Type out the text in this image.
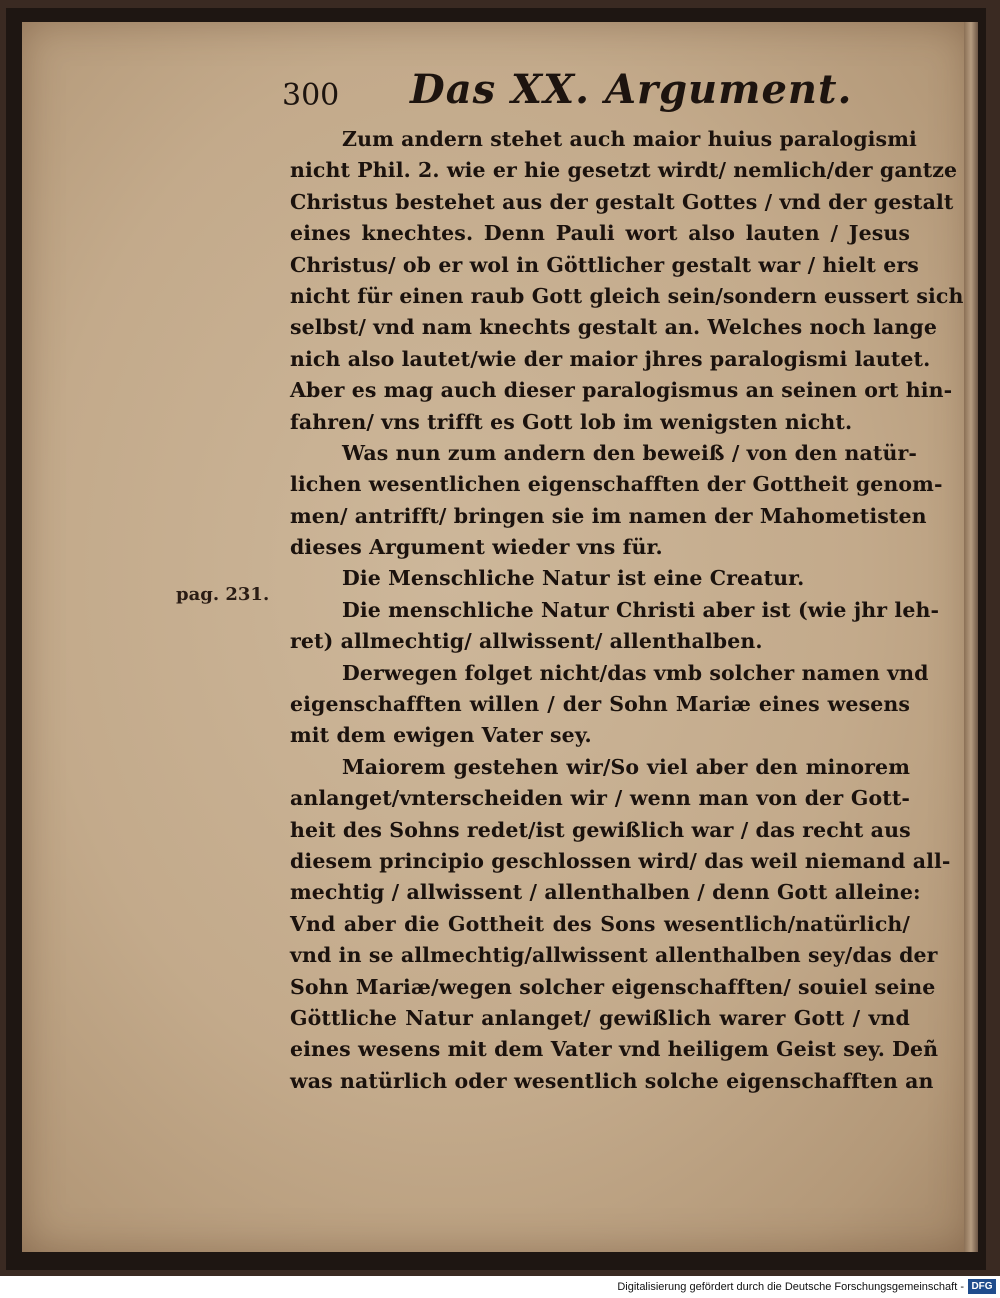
300 Das XX. Argument.
pag. 231.
Zum andern stehet auch maior huius paralogismi
nicht Phil. 2. wie er hie gesetzt wirdt/ nemlich/der gantze
Christus bestehet aus der gestalt Gottes / vnd der gestalt
eines knechtes. Denn Pauli wort also lauten / Jesus
Christus/ ob er wol in Göttlicher gestalt war / hielt ers
nicht für einen raub Gott gleich sein/sondern eussert sich
selbst/ vnd nam knechts gestalt an. Welches noch lange
nich also lautet/wie der maior jhres paralogismi lautet.
Aber es mag auch dieser paralogismus an seinen ort hin-
fahren/ vns trifft es Gott lob im wenigsten nicht.
Was nun zum andern den beweiß / von den natür-
lichen wesentlichen eigenschafften der Gottheit genom-
men/ antrifft/ bringen sie im namen der Mahometisten
dieses Argument wieder vns für.
Die Menschliche Natur ist eine Creatur.
Die menschliche Natur Christi aber ist (wie jhr leh-
ret) allmechtig/ allwissent/ allenthalben.
Derwegen folget nicht/das vmb solcher namen vnd
eigenschafften willen / der Sohn Mariæ eines wesens
mit dem ewigen Vater sey.
Maiorem gestehen wir/So viel aber den minorem
anlanget/vnterscheiden wir / wenn man von der Gott-
heit des Sohns redet/ist gewißlich war / das recht aus
diesem principio geschlossen wird/ das weil niemand all-
mechtig / allwissent / allenthalben / denn Gott alleine:
Vnd aber die Gottheit des Sons wesentlich/natürlich/
vnd in se allmechtig/allwissent allenthalben sey/das der
Sohn Mariæ/wegen solcher eigenschafften/ souiel seine
Göttliche Natur anlanget/ gewißlich warer Gott / vnd
eines wesens mit dem Vater vnd heiligem Geist sey. Deñ
was natürlich oder wesentlich solche eigenschafften an
Digitalisierung gefördert durch die Deutsche Forschungsgemeinschaft - DFG
